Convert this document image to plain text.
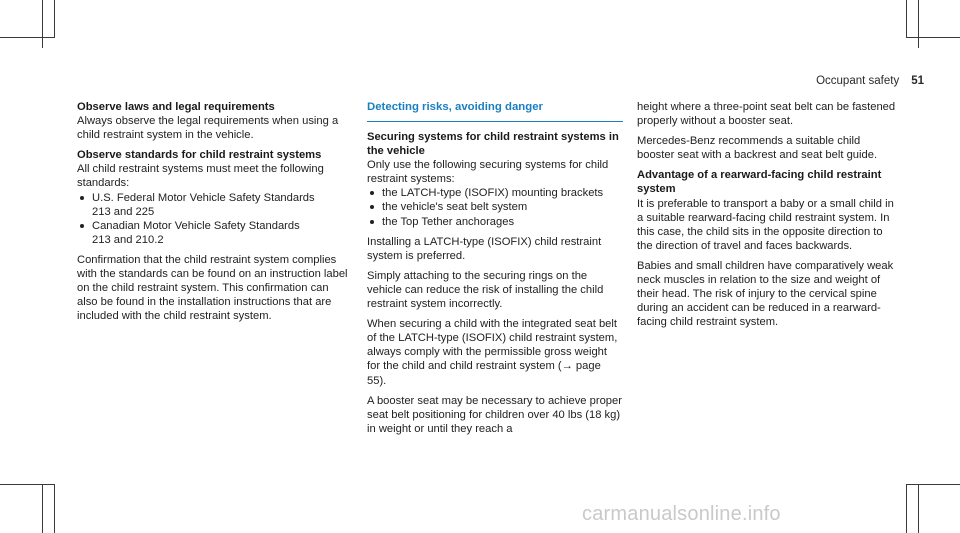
Occupant safety 51
Observe laws and legal requirements

Always observe the legal requirements when using a child restraint system in the vehicle.

Observe standards for child restraint systems

All child restraint systems must meet the following standards:

U.S. Federal Motor Vehicle Safety Standards
213 and 225
Canadian Motor Vehicle Safety Standards
213 and 210.2

Confirmation that the child restraint system complies with the standards can be found on an instruction label on the child restraint system. This confirmation can also be found in the installation instructions that are included with the child restraint system.

Detecting risks, avoiding danger
Securing systems for child restraint systems in the vehicle

Only use the following securing systems for child restraint systems:

the LATCH-type (ISOFIX) mounting brackets
the vehicle's seat belt system
the Top Tether anchorages

Installing a LATCH-type (ISOFIX) child restraint system is preferred.

Simply attaching to the securing rings on the vehicle can reduce the risk of installing the child restraint system incorrectly.

When securing a child with the integrated seat belt of the LATCH-type (ISOFIX) child restraint system, always comply with the permissible gross weight for the child and child restraint system (→ page 55).

A booster seat may be necessary to achieve proper seat belt positioning for children over 40 lbs (18 kg) in weight or until they reach a

height where a three-point seat belt can be fastened properly without a booster seat.

Mercedes-Benz recommends a suitable child booster seat with a backrest and seat belt guide.

Advantage of a rearward-facing child restraint system

It is preferable to transport a baby or a small child in a suitable rearward-facing child restraint system. In this case, the child sits in the opposite direction to the direction of travel and faces backwards.

Babies and small children have comparatively weak neck muscles in relation to the size and weight of their head. The risk of injury to the cervical spine during an accident can be reduced in a rearward-facing child restraint system.

carmanualsonline.info
